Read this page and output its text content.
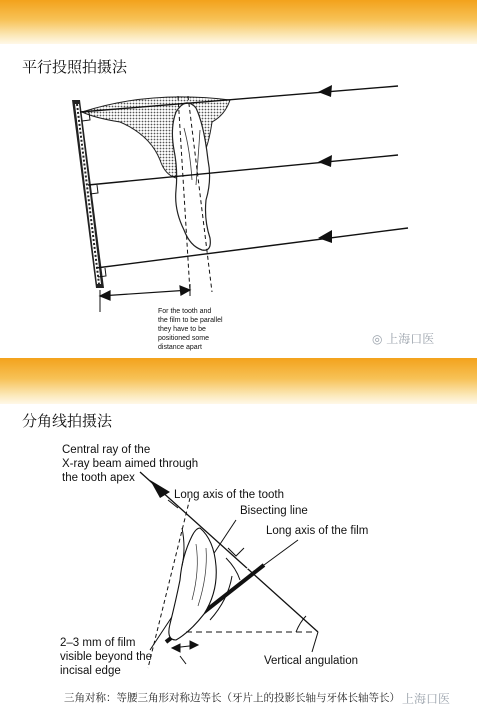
平行投照拍摄法
分角线拍摄法
For the tooth and
the film to be parallel
they have to be
positioned some
distance apart
Central ray of the
X-ray beam aimed through
the tooth apex
Long axis of the tooth
Bisecting line
Long axis of the film
2–3 mm of film
visible beyond the
incisal edge
Vertical angulation
三角对称：等腰三角形对称边等长（牙片上的投影长轴与牙体长轴等长）
◎ 上海口医
上海口医
